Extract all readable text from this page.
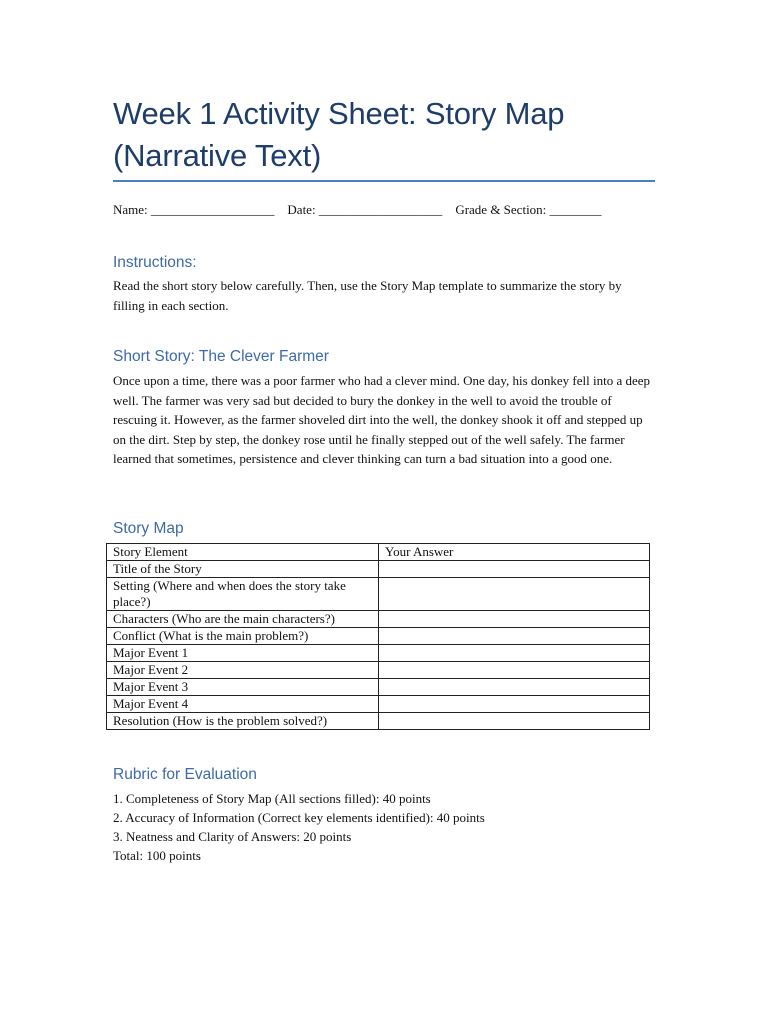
Week 1 Activity Sheet: Story Map
(Narrative Text)
Name: ___________________ Date: ___________________ Grade & Section: ________
Instructions:
Read the short story below carefully. Then, use the Story Map template to summarize the story by filling in each section.
Short Story: The Clever Farmer
Once upon a time, there was a poor farmer who had a clever mind. One day, his donkey fell into a deep well. The farmer was very sad but decided to bury the donkey in the well to avoid the trouble of rescuing it. However, as the farmer shoveled dirt into the well, the donkey shook it off and stepped up on the dirt. Step by step, the donkey rose until he finally stepped out of the well safely. The farmer learned that sometimes, persistence and clever thinking can turn a bad situation into a good one.
Story Map
Story Element	Your Answer
Title of the Story	
Setting (Where and when does the story take place?)	
Characters (Who are the main characters?)	
Conflict (What is the main problem?)	
Major Event 1	
Major Event 2	
Major Event 3	
Major Event 4	
Resolution (How is the problem solved?)	
Rubric for Evaluation
1. Completeness of Story Map (All sections filled): 40 points
2. Accuracy of Information (Correct key elements identified): 40 points
3. Neatness and Clarity of Answers: 20 points
Total: 100 points
